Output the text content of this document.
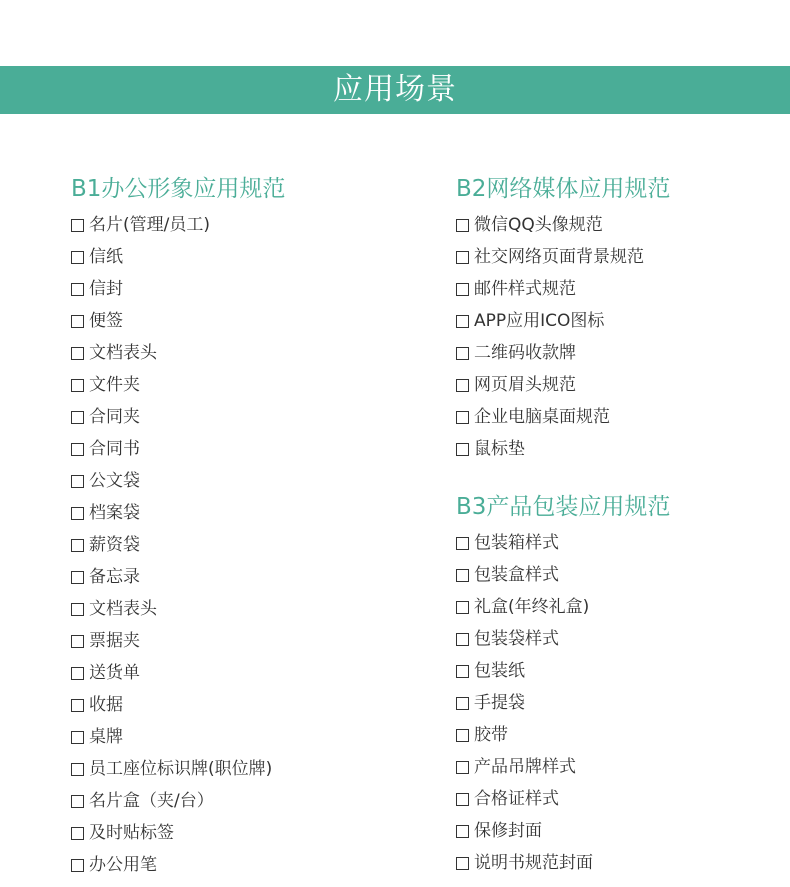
应用场景
B1办公形象应用规范
名片(管理/员工)
信纸
信封
便签
文档表头
文件夹
合同夹
合同书
公文袋
档案袋
薪资袋
备忘录
文档表头
票据夹
送货单
收据
桌牌
员工座位标识牌(职位牌)
名片盒（夹/台）
及时贴标签
办公用笔
B2网络媒体应用规范
微信QQ头像规范
社交网络页面背景规范
邮件样式规范
APP应用ICO图标
二维码收款牌
网页眉头规范
企业电脑桌面规范
鼠标垫
B3产品包装应用规范
包装箱样式
包装盒样式
礼盒(年终礼盒)
包装袋样式
包装纸
手提袋
胶带
产品吊牌样式
合格证样式
保修封面
说明书规范封面
